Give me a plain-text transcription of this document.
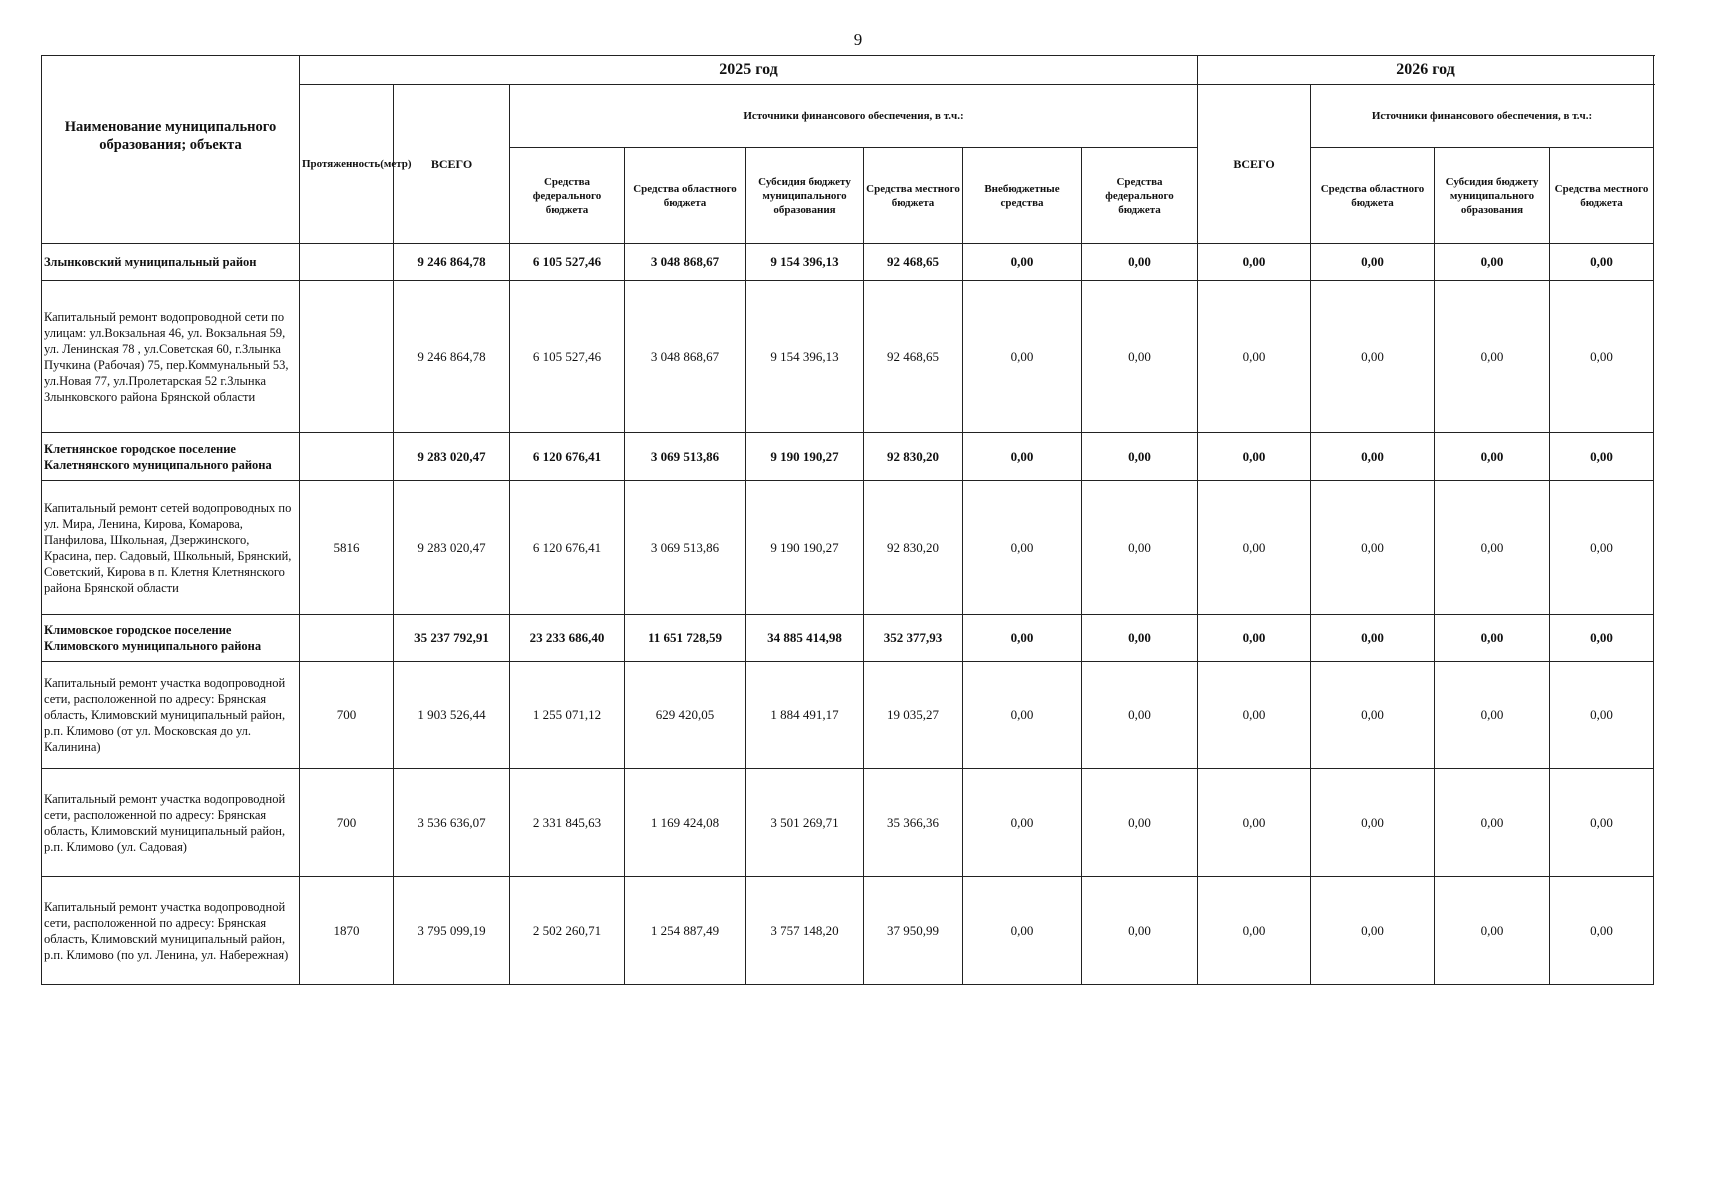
9
Наименование муниципального образования; объекта	2025 год								2026 год			
	Протяженность(метр)	ВСЕГО	Источники финансового обеспечения, в т.ч.:						ВСЕГО	Источники финансового обеспечения, в т.ч.:		
			Средства федерального бюджета	Средства областного бюджета	Субсидия бюджету муниципального образования	Средства местного бюджета	Внебюджетные средства	Средства федерального бюджета		Средства областного бюджета	Субсидия бюджету муниципального образования	Средства местного бюджета
Злынковский муниципальный район		9 246 864,78	6 105 527,46	3 048 868,67	9 154 396,13	92 468,65	0,00	0,00	0,00	0,00	0,00	0,00
Капитальный ремонт водопроводной сети по улицам: ул.Вокзальная 46, ул. Вокзальная 59, ул. Ленинская 78 , ул.Советская 60, г.Злынка Пучкина (Рабочая) 75, пер.Коммунальный 53, ул.Новая 77, ул.Пролетарская 52 г.Злынка Злынковского района Брянской области		9 246 864,78	6 105 527,46	3 048 868,67	9 154 396,13	92 468,65	0,00	0,00	0,00	0,00	0,00	0,00
Клетнянское городское поселение Калетнянского муниципального района		9 283 020,47	6 120 676,41	3 069 513,86	9 190 190,27	92 830,20	0,00	0,00	0,00	0,00	0,00	0,00
Капитальный ремонт сетей водопроводных по ул. Мира, Ленина, Кирова, Комарова, Панфилова, Школьная, Дзержинского, Красина, пер. Садовый, Школьный, Брянский, Советский, Кирова в п. Клетня Клетнянского района Брянской области	5816	9 283 020,47	6 120 676,41	3 069 513,86	9 190 190,27	92 830,20	0,00	0,00	0,00	0,00	0,00	0,00
Климовское городское поселение Климовского муниципального района		35 237 792,91	23 233 686,40	11 651 728,59	34 885 414,98	352 377,93	0,00	0,00	0,00	0,00	0,00	0,00
Капитальный ремонт участка водопроводной сети, расположенной по адресу: Брянская область, Климовский муниципальный район, р.п. Климово (от ул. Московская до ул. Калинина)	700	1 903 526,44	1 255 071,12	629 420,05	1 884 491,17	19 035,27	0,00	0,00	0,00	0,00	0,00	0,00
Капитальный ремонт участка водопроводной сети, расположенной по адресу: Брянская область, Климовский муниципальный район, р.п. Климово (ул. Садовая)	700	3 536 636,07	2 331 845,63	1 169 424,08	3 501 269,71	35 366,36	0,00	0,00	0,00	0,00	0,00	0,00
Капитальный ремонт участка водопроводной сети, расположенной по адресу: Брянская область, Климовский муниципальный район, р.п. Климово (по ул. Ленина, ул. Набережная)	1870	3 795 099,19	2 502 260,71	1 254 887,49	3 757 148,20	37 950,99	0,00	0,00	0,00	0,00	0,00	0,00
